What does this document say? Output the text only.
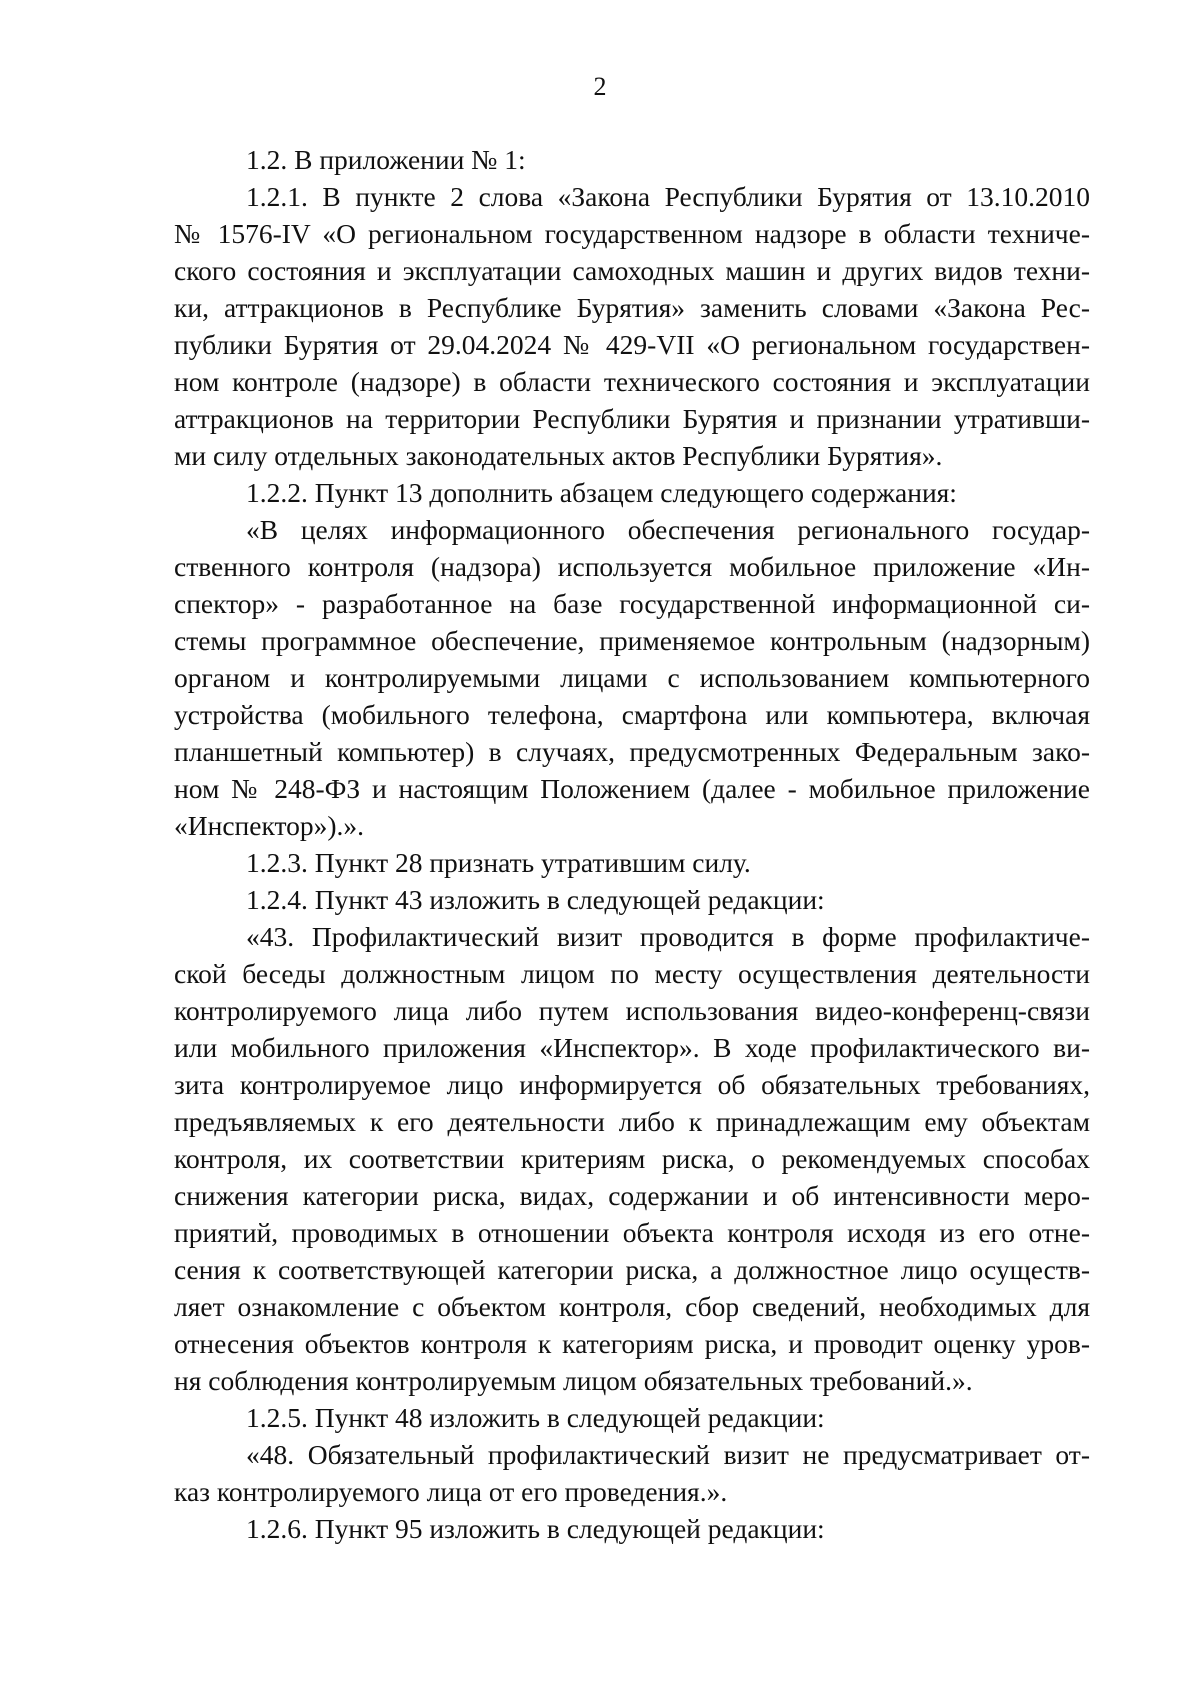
2
1.2. В приложении № 1:
1.2.1. В пункте 2 слова «Закона Республики Бурятия от 13.10.2010
№ 1576-IV «О региональном государственном надзоре в области техниче-
ского состояния и эксплуатации самоходных машин и других видов техни-
ки, аттракционов в Республике Бурятия» заменить словами «Закона Рес-
публики Бурятия от 29.04.2024 № 429-VII «О региональном государствен-
ном контроле (надзоре) в области технического состояния и эксплуатации
аттракционов на территории Республики Бурятия и признании утративши-
ми силу отдельных законодательных актов Республики Бурятия».
1.2.2. Пункт 13 дополнить абзацем следующего содержания:
«В целях информационного обеспечения регионального государ-
ственного контроля (надзора) используется мобильное приложение «Ин-
спектор» - разработанное на базе государственной информационной си-
стемы программное обеспечение, применяемое контрольным (надзорным)
органом и контролируемыми лицами с использованием компьютерного
устройства (мобильного телефона, смартфона или компьютера, включая
планшетный компьютер) в случаях, предусмотренных Федеральным зако-
ном № 248-ФЗ и настоящим Положением (далее - мобильное приложение
«Инспектор»).».
1.2.3. Пункт 28 признать утратившим силу.
1.2.4. Пункт 43 изложить в следующей редакции:
«43. Профилактический визит проводится в форме профилактиче-
ской беседы должностным лицом по месту осуществления деятельности
контролируемого лица либо путем использования видео-конференц-связи
или мобильного приложения «Инспектор». В ходе профилактического ви-
зита контролируемое лицо информируется об обязательных требованиях,
предъявляемых к его деятельности либо к принадлежащим ему объектам
контроля, их соответствии критериям риска, о рекомендуемых способах
снижения категории риска, видах, содержании и об интенсивности меро-
приятий, проводимых в отношении объекта контроля исходя из его отне-
сения к соответствующей категории риска, а должностное лицо осуществ-
ляет ознакомление с объектом контроля, сбор сведений, необходимых для
отнесения объектов контроля к категориям риска, и проводит оценку уров-
ня соблюдения контролируемым лицом обязательных требований.».
1.2.5. Пункт 48 изложить в следующей редакции:
«48. Обязательный профилактический визит не предусматривает от-
каз контролируемого лица от его проведения.».
1.2.6. Пункт 95 изложить в следующей редакции:
